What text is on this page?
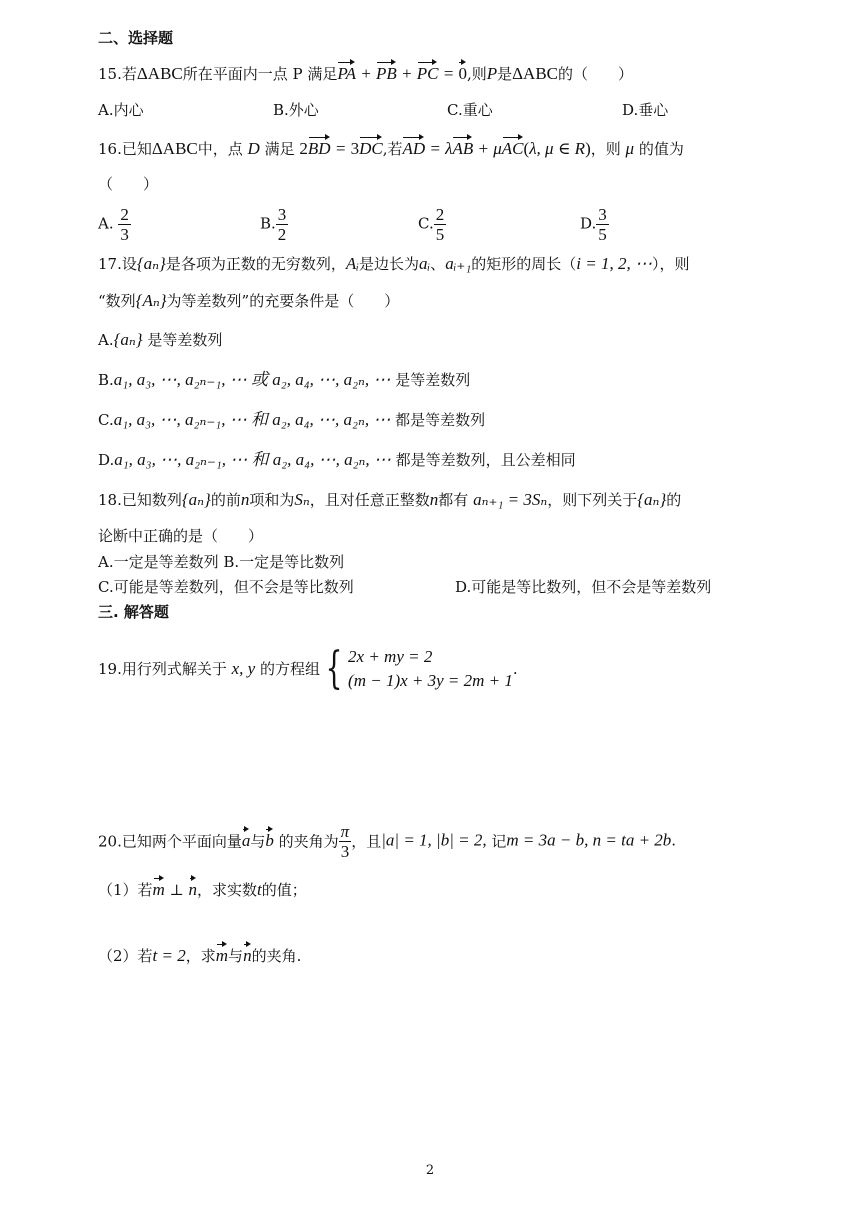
二、选择题
15.若ΔABC所在平面内一点 P 满足PA + PB + PC = 0,则P是ΔABC的（　　）
A.内心	B.外心	C.重心	D.垂心
16.已知ΔABC中，点 D 满足 2BD = 3DC,若AD = λAB + μAC(λ, μ ∈ R)，则 μ 的值为
（　　）
A. $\frac{2}{3}$	B. $\frac{3}{2}$	C. $\frac{2}{5}$	D. $\frac{3}{5}$
17.设{aₙ}是各项为正数的无穷数列，Aᵢ是边长为aᵢ、aᵢ₊₁的矩形的周长（i = 1, 2, ⋯），则
“数列{Aₙ}为等差数列”的充要条件是（　　）
A.{aₙ} 是等差数列
B.a₁, a₃, ⋯, a₂ₙ₋₁, ⋯ 或 a₂, a₄, ⋯, a₂ₙ, ⋯ 是等差数列
C.a₁, a₃, ⋯, a₂ₙ₋₁, ⋯ 和 a₂, a₄, ⋯, a₂ₙ, ⋯ 都是等差数列
D.a₁, a₃, ⋯, a₂ₙ₋₁, ⋯ 和 a₂, a₄, ⋯, a₂ₙ, ⋯ 都是等差数列，且公差相同
18.已知数列{aₙ}的前n项和为Sₙ，且对任意正整数n都有 aₙ₊₁ = 3Sₙ，则下列关于{aₙ}的
论断中正确的是（　　）
A.一定是等差数列 B.一定是等比数列
C.可能是等差数列，但不会是等比数列	D.可能是等比数列，但不会是等差数列
三. 解答题
19.用行列式解关于 x, y 的方程组 { 2x + my = 2
(m − 1)x + 3y = 2m + 1
.
20.已知两个平面向量a与b 的夹角为 $\frac{\pi}{3}$ ，且|a| = 1, |b| = 2, 记m = 3a − b, n = ta + 2b.
（1）若m ⊥ n，求实数t的值；
（2）若t = 2，求m与n的夹角.
2
